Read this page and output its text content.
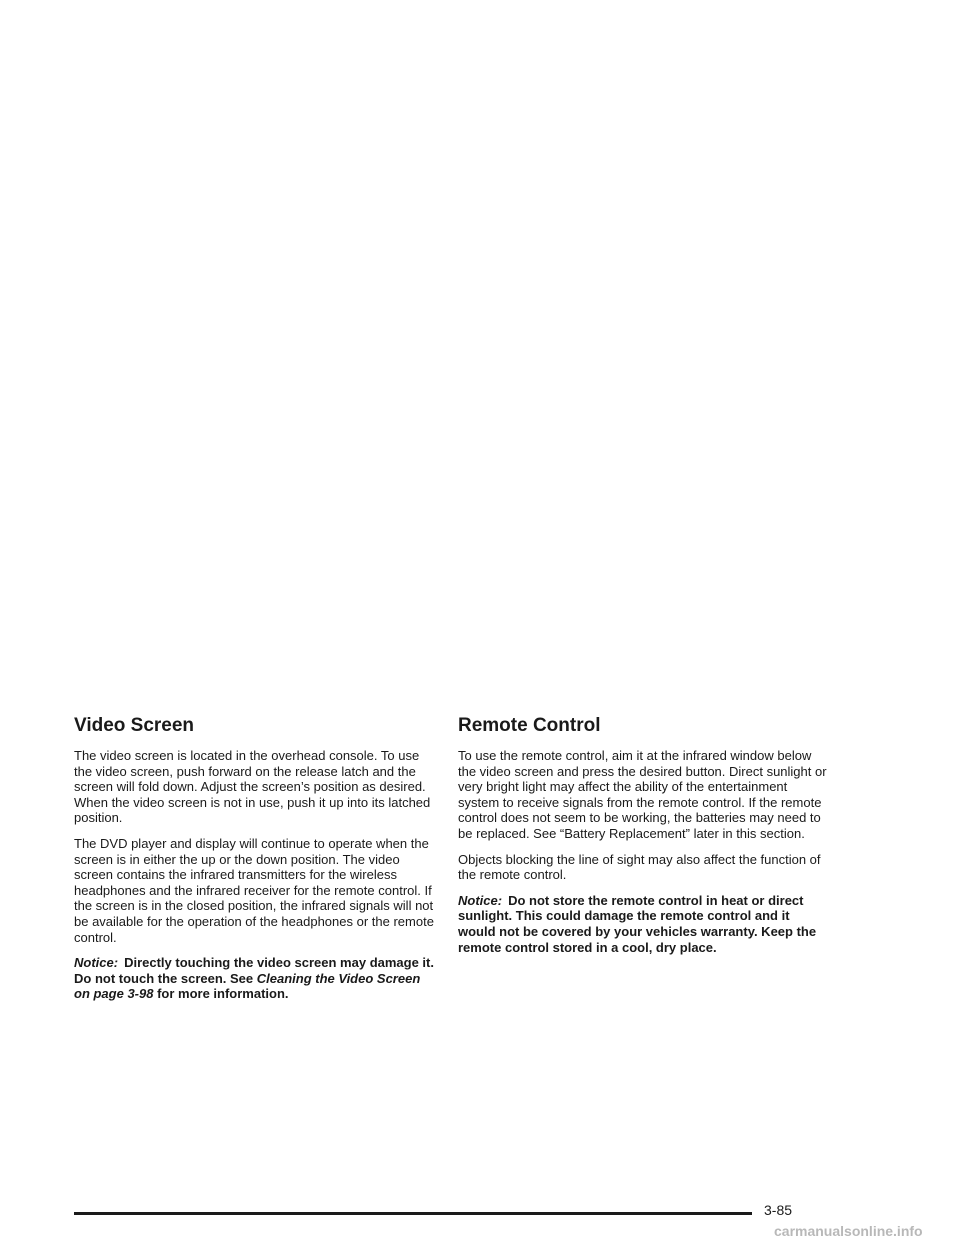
Video Screen

The video screen is located in the overhead console. To use the video screen, push forward on the release latch and the screen will fold down. Adjust the screen’s position as desired. When the video screen is not in use, push it up into its latched position.

The DVD player and display will continue to operate when the screen is in either the up or the down position. The video screen contains the infrared transmitters for the wireless headphones and the infrared receiver for the remote control. If the screen is in the closed position, the infrared signals will not be available for the operation of the headphones or the remote control.

Notice: Directly touching the video screen may damage it. Do not touch the screen. See Cleaning the Video Screen on page 3-98 for more information.

Remote Control

To use the remote control, aim it at the infrared window below the video screen and press the desired button. Direct sunlight or very bright light may affect the ability of the entertainment system to receive signals from the remote control. If the remote control does not seem to be working, the batteries may need to be replaced. See “Battery Replacement” later in this section.

Objects blocking the line of sight may also affect the function of the remote control.

Notice: Do not store the remote control in heat or direct sunlight. This could damage the remote control and it would not be covered by your vehicles warranty. Keep the remote control stored in a cool, dry place.

3-85
carmanualsonline.info
